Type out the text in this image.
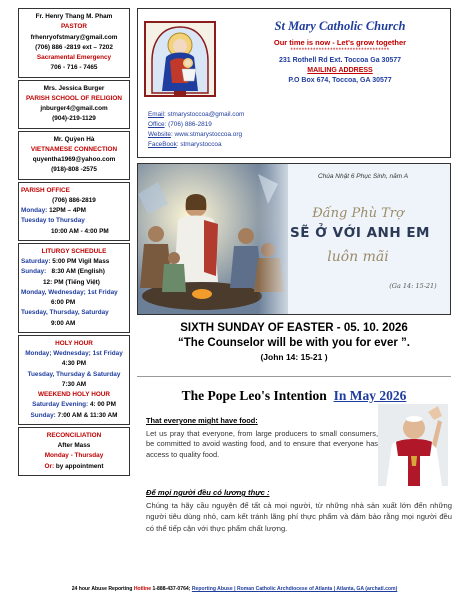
Fr. Henry Thang M. Pham
PASTOR
frhenryofstmary@gmail.com
(706) 886 -2819 ext – 7202
Sacramental Emergency
706 - 716 - 7465
Mrs. Jessica Burger
PARISH SCHOOL OF RELIGION
jnburger4@gmail.com
(904)-219-1129
Mr. Quỳen Hà
VIETNAMESE CONNECTION
quyentha1969@yahoo.com
(918)-808 -2575
PARISH OFFICE
(706) 886-2819
Monday: 12PM – 4PM
Tuesday to Thursday
10:00 AM - 4:00 PM
LITURGY SCHEDULE
Saturday: 5:00 PM Vigil Mass
Sunday: 8:30 AM (English)
12: PM (Tiếng Việt)
Monday, Wednesday; 1st Friday
6:00 PM
Tuesday, Thursday, Saturday
9:00 AM
HOLY HOUR
Monday; Wednesday; 1st Friday
4:30 PM
Tuesday, Thursday & Saturday
7:30 AM
WEEKEND HOLY HOUR
Saturday Evening: 4: 00 PM
Sunday: 7:00 AM & 11:30 AM
RECONCILIATION
After Mass
Monday - Thursday
Or: by appointment
St Mary Catholic Church
Our time is now - Let's grow together
***********************************
231 Rothell Rd Ext. Toccoa Ga 30577
MAILING ADDRESS
P.O Box 674, Toccoa, GA 30577
Email: stmarystoccoa@gmail.com
Office: (706) 886-2819
Website: www.stmarystoccoa.org
FaceBook: stmarystoccoa
Chúa Nhật 6 Phục Sinh, năm A
Đấng Phù Trợ
SẼ Ở VỚI ANH EM
luôn mãi
(Ga 14: 15-21)
SIXTH SUNDAY OF EASTER - 05. 10. 2026
“The Counselor will be with you for ever ”.
(John 14: 15-21 )
The Pope Leo's Intention In May 2026
That everyone might have food:

Let us pray that everyone, from large producers to small consumers, be committed to avoid wasting food, and to ensure that everyone has access to quality food.

Để mọi người đều có lương thực :

Chúng ta hãy cầu nguyện để tất cả mọi người, từ những nhà sản xuất lớn đến những người tiêu dùng nhỏ, cam kết tránh lãng phí thực phẩm và đảm bảo rằng mọi người đều có thể tiếp cận với thực phẩm chất lượng.

24 hour Abuse Reporting Hotline 1-888-437-0764; Reporting Abuse | Roman Catholic Archdiocese of Atlanta | Atlanta, GA (archatl.com)
